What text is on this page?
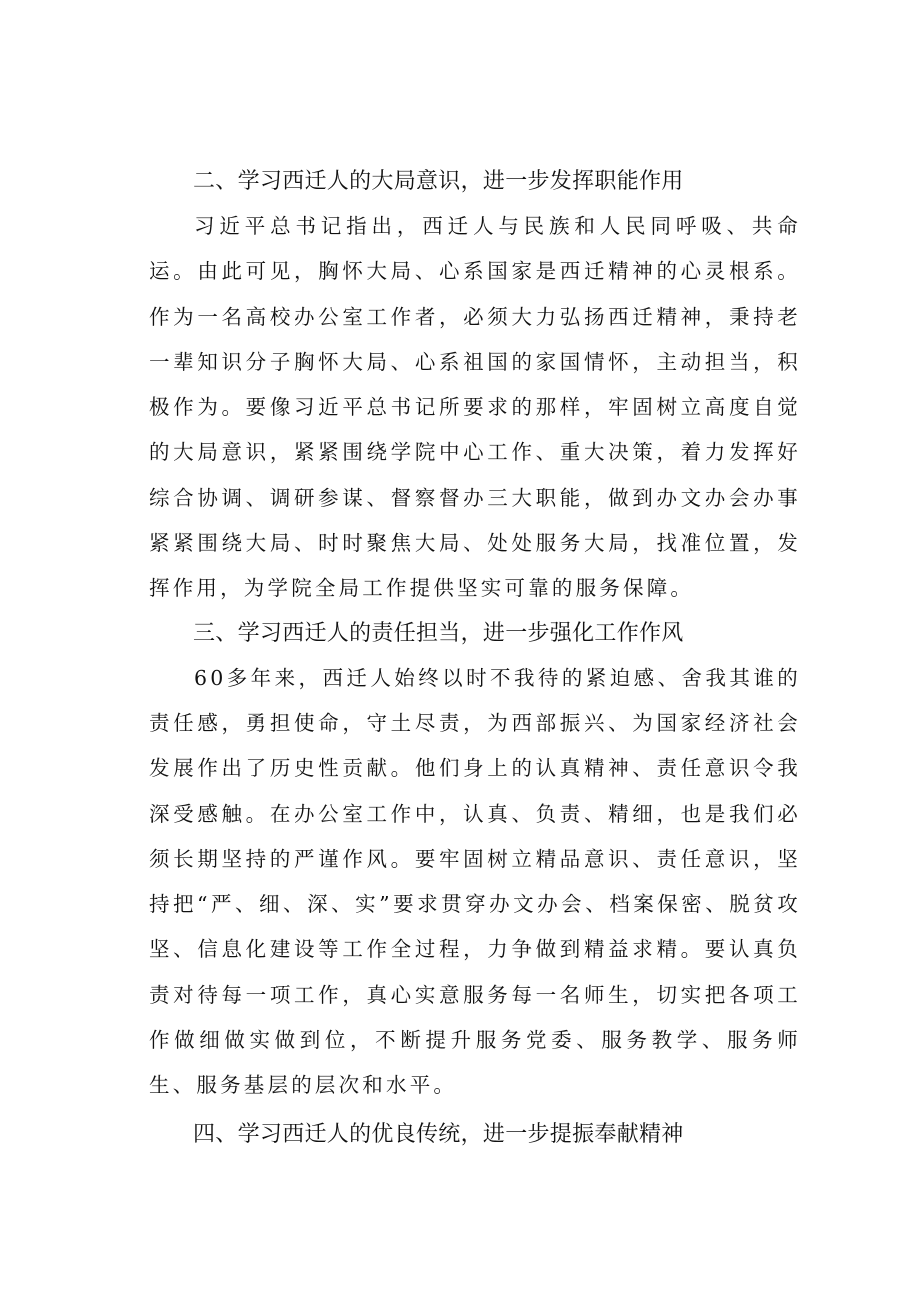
二、学习西迁人的大局意识，进一步发挥职能作用

习近平总书记指出，西迁人与民族和人民同呼吸、共命运。由此可见，胸怀大局、心系国家是西迁精神的心灵根系。作为一名高校办公室工作者，必须大力弘扬西迁精神，秉持老一辈知识分子胸怀大局、心系祖国的家国情怀，主动担当，积极作为。要像习近平总书记所要求的那样，牢固树立高度自觉的大局意识，紧紧围绕学院中心工作、重大决策，着力发挥好综合协调、调研参谋、督察督办三大职能，做到办文办会办事紧紧围绕大局、时时聚焦大局、处处服务大局，找准位置，发挥作用，为学院全局工作提供坚实可靠的服务保障。

三、学习西迁人的责任担当，进一步强化工作作风

60多年来，西迁人始终以时不我待的紧迫感、舍我其谁的责任感，勇担使命，守土尽责，为西部振兴、为国家经济社会发展作出了历史性贡献。他们身上的认真精神、责任意识令我深受感触。在办公室工作中，认真、负责、精细，也是我们必须长期坚持的严谨作风。要牢固树立精品意识、责任意识，坚持把“严、细、深、实”要求贯穿办文办会、档案保密、脱贫攻坚、信息化建设等工作全过程，力争做到精益求精。要认真负责对待每一项工作，真心实意服务每一名师生，切实把各项工作做细做实做到位，不断提升服务党委、服务教学、服务师生、服务基层的层次和水平。

四、学习西迁人的优良传统，进一步提振奉献精神
